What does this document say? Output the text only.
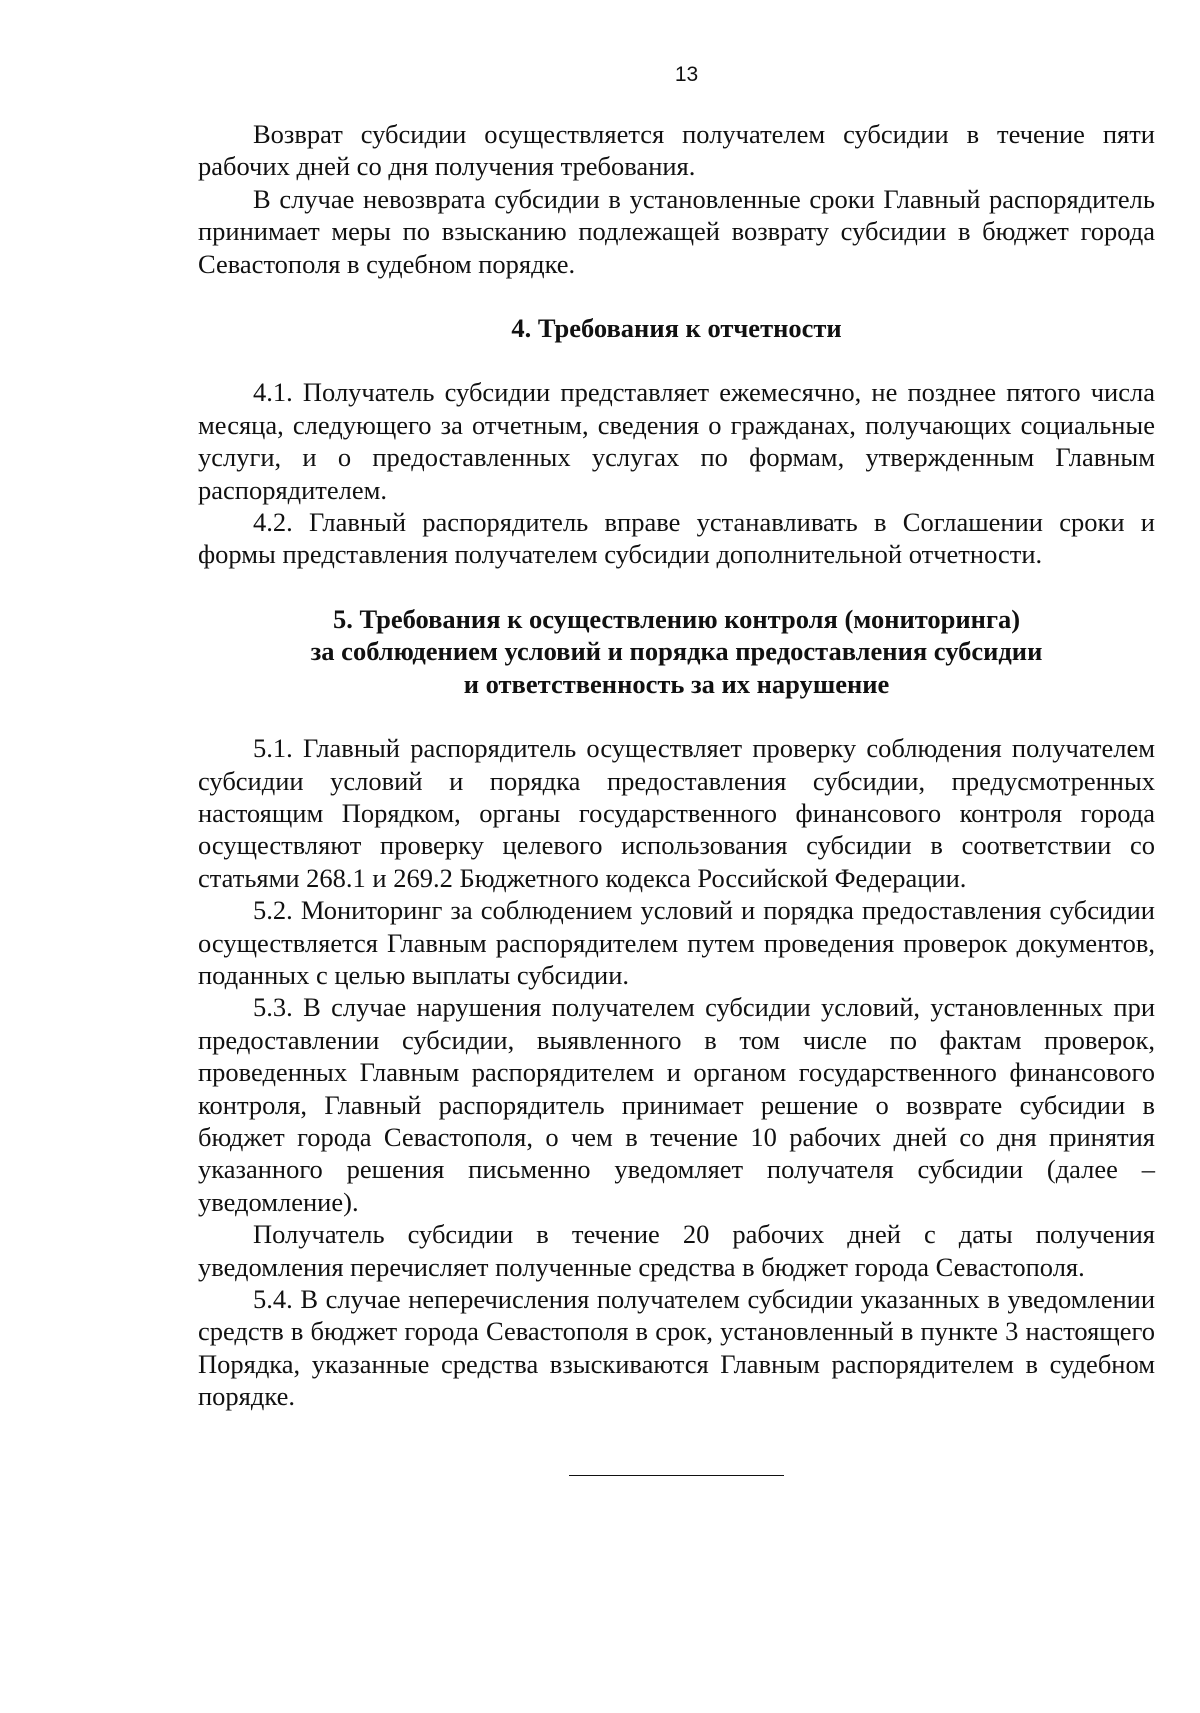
13

Возврат субсидии осуществляется получателем субсидии в течение пяти рабочих дней со дня получения требования.

В случае невозврата субсидии в установленные сроки Главный распорядитель принимает меры по взысканию подлежащей возврату субсидии в бюджет города Севастополя в судебном порядке.

4. Требования к отчетности

4.1. Получатель субсидии представляет ежемесячно, не позднее пятого числа месяца, следующего за отчетным, сведения о гражданах, получающих социальные услуги, и о предоставленных услугах по формам, утвержденным Главным распорядителем.

4.2. Главный распорядитель вправе устанавливать в Соглашении сроки и формы представления получателем субсидии дополнительной отчетности.

5. Требования к осуществлению контроля (мониторинга)
за соблюдением условий и порядка предоставления субсидии
и ответственность за их нарушение

5.1. Главный распорядитель осуществляет проверку соблюдения получателем субсидии условий и порядка предоставления субсидии, предусмотренных настоящим Порядком, органы государственного финансового контроля города осуществляют проверку целевого использования субсидии в соответствии со статьями 268.1 и 269.2 Бюджетного кодекса Российской Федерации.

5.2. Мониторинг за соблюдением условий и порядка предоставления субсидии осуществляется Главным распорядителем путем проведения проверок документов, поданных с целью выплаты субсидии.

5.3. В случае нарушения получателем субсидии условий, установленных при предоставлении субсидии, выявленного в том числе по фактам проверок, проведенных Главным распорядителем и органом государственного финансового контроля, Главный распорядитель принимает решение о возврате субсидии в бюджет города Севастополя, о чем в течение 10 рабочих дней со дня принятия указанного решения письменно уведомляет получателя субсидии (далее – уведомление).

Получатель субсидии в течение 20 рабочих дней с даты получения уведомления перечисляет полученные средства в бюджет города Севастополя.

5.4. В случае неперечисления получателем субсидии указанных в уведомлении средств в бюджет города Севастополя в срок, установленный в пункте 3 настоящего Порядка, указанные средства взыскиваются Главным распорядителем в судебном порядке.
